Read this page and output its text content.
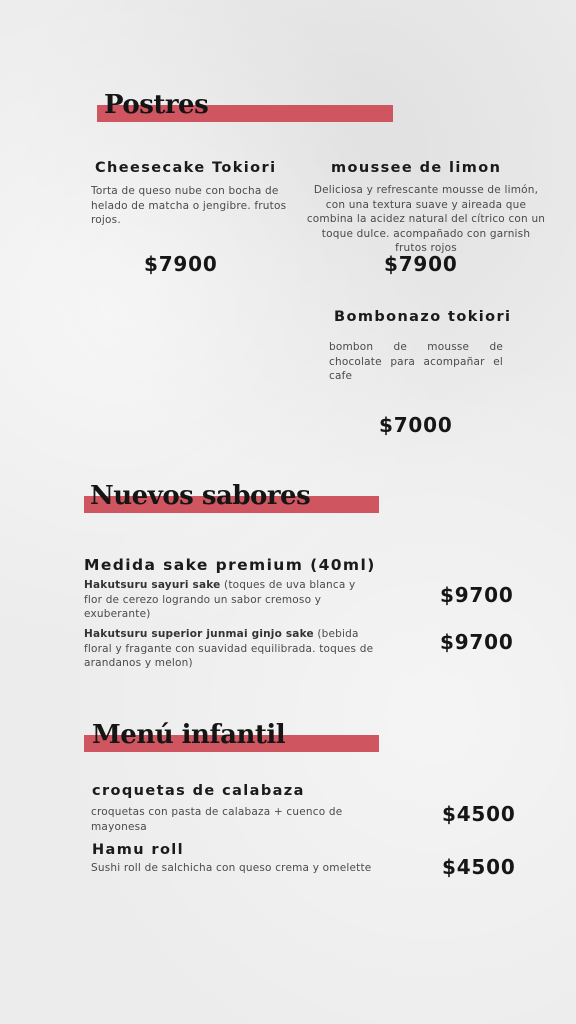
Postres
Cheesecake Tokiori
Torta de queso nube con bocha de helado de matcha o jengibre. frutos rojos.
$7900
moussee de limon
Deliciosa y refrescante mousse de limón, con una textura suave y aireada que combina la acidez natural del cítrico con un toque dulce. acompañado con garnish frutos rojos
$7900
Bombonazo tokiori
bombon de mousse de chocolate para acompañar el cafe
$7000
Nuevos sabores
Medida sake premium (40ml)
Hakutsuru sayuri sake (toques de uva blanca y flor de cerezo logrando un sabor cremoso y exuberante)
$9700
Hakutsuru superior junmai ginjo sake (bebida floral y fragante con suavidad equilibrada. toques de arandanos y melon)
$9700
Menú infantil
croquetas de calabaza
croquetas con pasta de calabaza + cuenco de mayonesa
$4500
Hamu roll
Sushi roll de salchicha con queso crema y omelette	$4500
